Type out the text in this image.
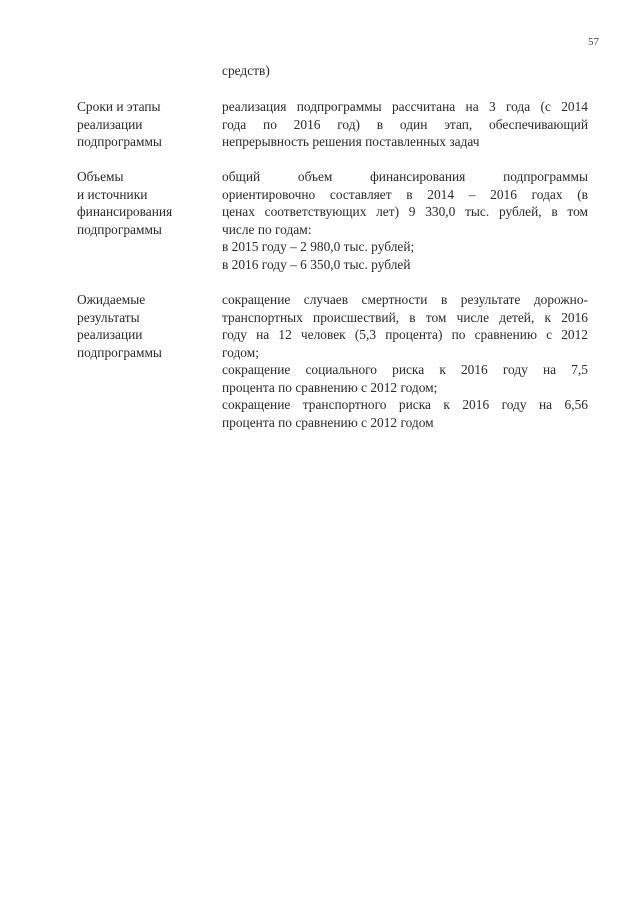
57
средств)
Сроки и этапы
реализации
подпрограммы
реализация подпрограммы рассчитана на 3 года (с 2014
года по 2016 год) в один этап, обеспечивающий
непрерывность решения поставленных задач
Объемы
и источники
финансирования
подпрограммы
общий объем финансирования подпрограммы
ориентировочно составляет в 2014 – 2016 годах (в
ценах соответствующих лет) 9 330,0 тыс. рублей, в том
числе по годам:
в 2015 году – 2 980,0 тыс. рублей;
в 2016 году – 6 350,0 тыс. рублей
Ожидаемые
результаты
реализации
подпрограммы
сокращение случаев смертности в результате дорожно-
транспортных происшествий, в том числе детей, к 2016
году на 12 человек (5,3 процента) по сравнению с 2012
годом;
сокращение социального риска к 2016 году на 7,5
процента по сравнению с 2012 годом;
сокращение транспортного риска к 2016 году на 6,56
процента по сравнению с 2012 годом
